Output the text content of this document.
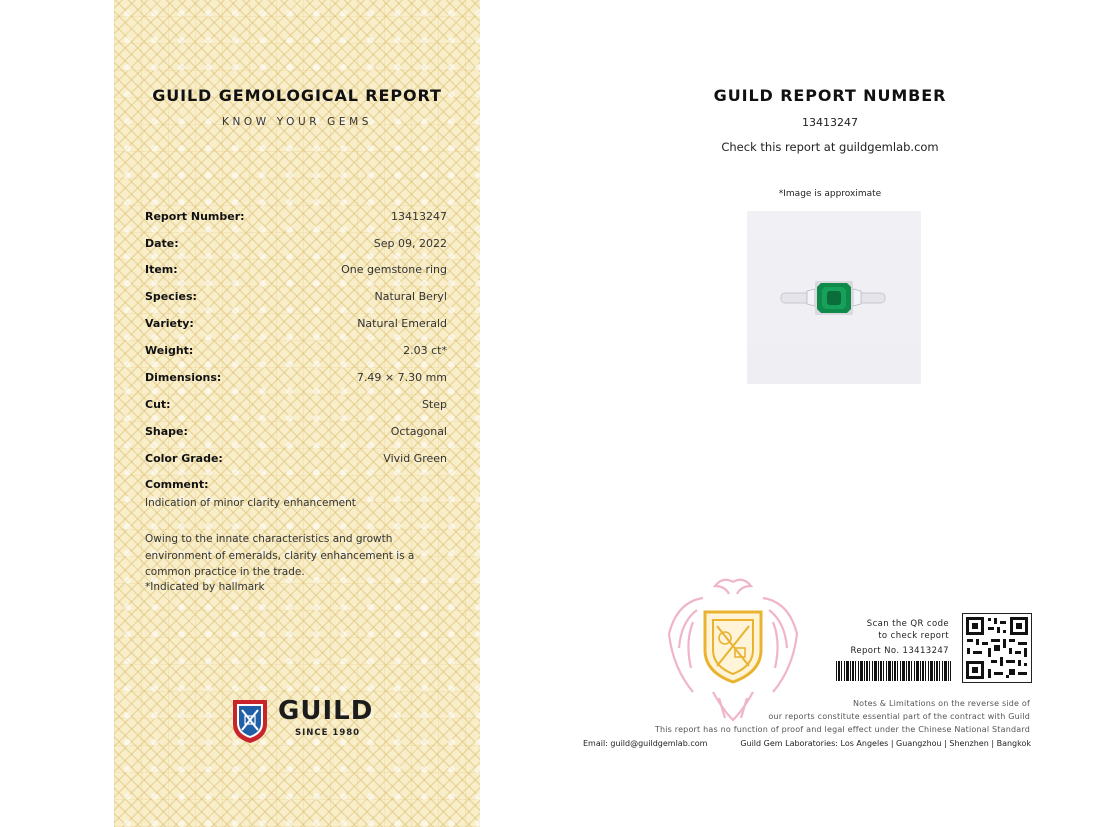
GUILD GEMOLOGICAL REPORT
KNOW YOUR GEMS
Report Number:	13413247
Date:	Sep 09, 2022
Item:	One gemstone ring
Species:	Natural Beryl
Variety:	Natural Emerald
Weight:	2.03 ct*
Dimensions:	7.49 × 7.30 mm
Cut:	Step
Shape:	Octagonal
Color Grade:	Vivid Green
Comment:
Indication of minor clarity enhancement
Owing to the innate characteristics and growth environment of emeralds, clarity enhancement is a common practice in the trade.
*Indicated by hallmark
GUILD
SINCE 1980
GUILD REPORT NUMBER
13413247
Check this report at guildgemlab.com
*Image is approximate
Scan the QR code
to check report
Report No. 13413247
Notes & Limitations on the reverse side of
our reports constitute essential part of the contract with Guild
This report has no function of proof and legal effect under the Chinese National Standard
Email: guild@guildgemlab.com	Guild Gem Laboratories: Los Angeles | Guangzhou | Shenzhen | Bangkok
